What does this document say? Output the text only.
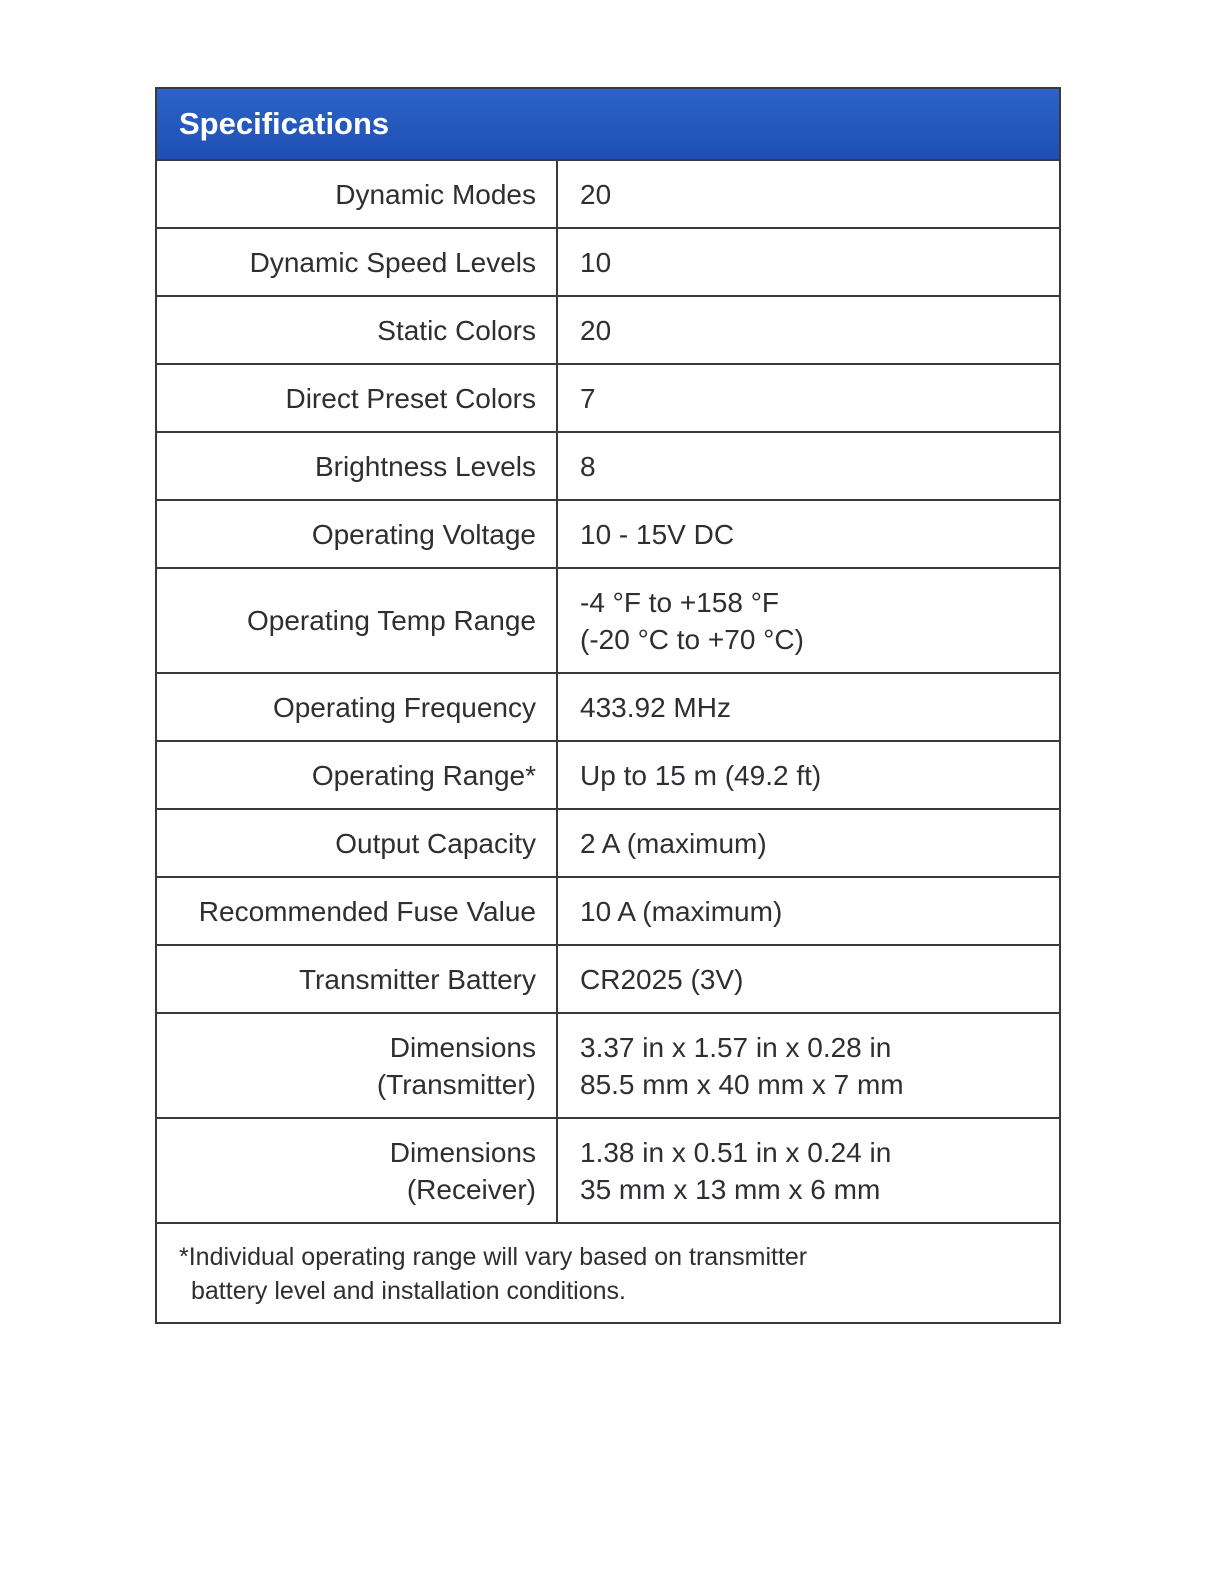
Specifications
Dynamic Modes 20
Dynamic Speed Levels 10
Static Colors 20
Direct Preset Colors 7
Brightness Levels 8
Operating Voltage 10 - 15V DC
Operating Temp Range
-4 °F to +158 °F
(-20 °C to +70 °C)
Operating Frequency 433.92 MHz
Operating Range* Up to 15 m (49.2 ft)
Output Capacity 2 A (maximum)
Recommended Fuse Value 10 A (maximum)
Transmitter Battery CR2025 (3V)
Dimensions
(Transmitter)
3.37 in x 1.57 in x 0.28 in
85.5 mm x 40 mm x 7 mm
Dimensions
(Receiver)
1.38 in x 0.51 in x 0.24 in
35 mm x 13 mm x 6 mm
*Individual operating range will vary based on transmitter
battery level and installation conditions.
